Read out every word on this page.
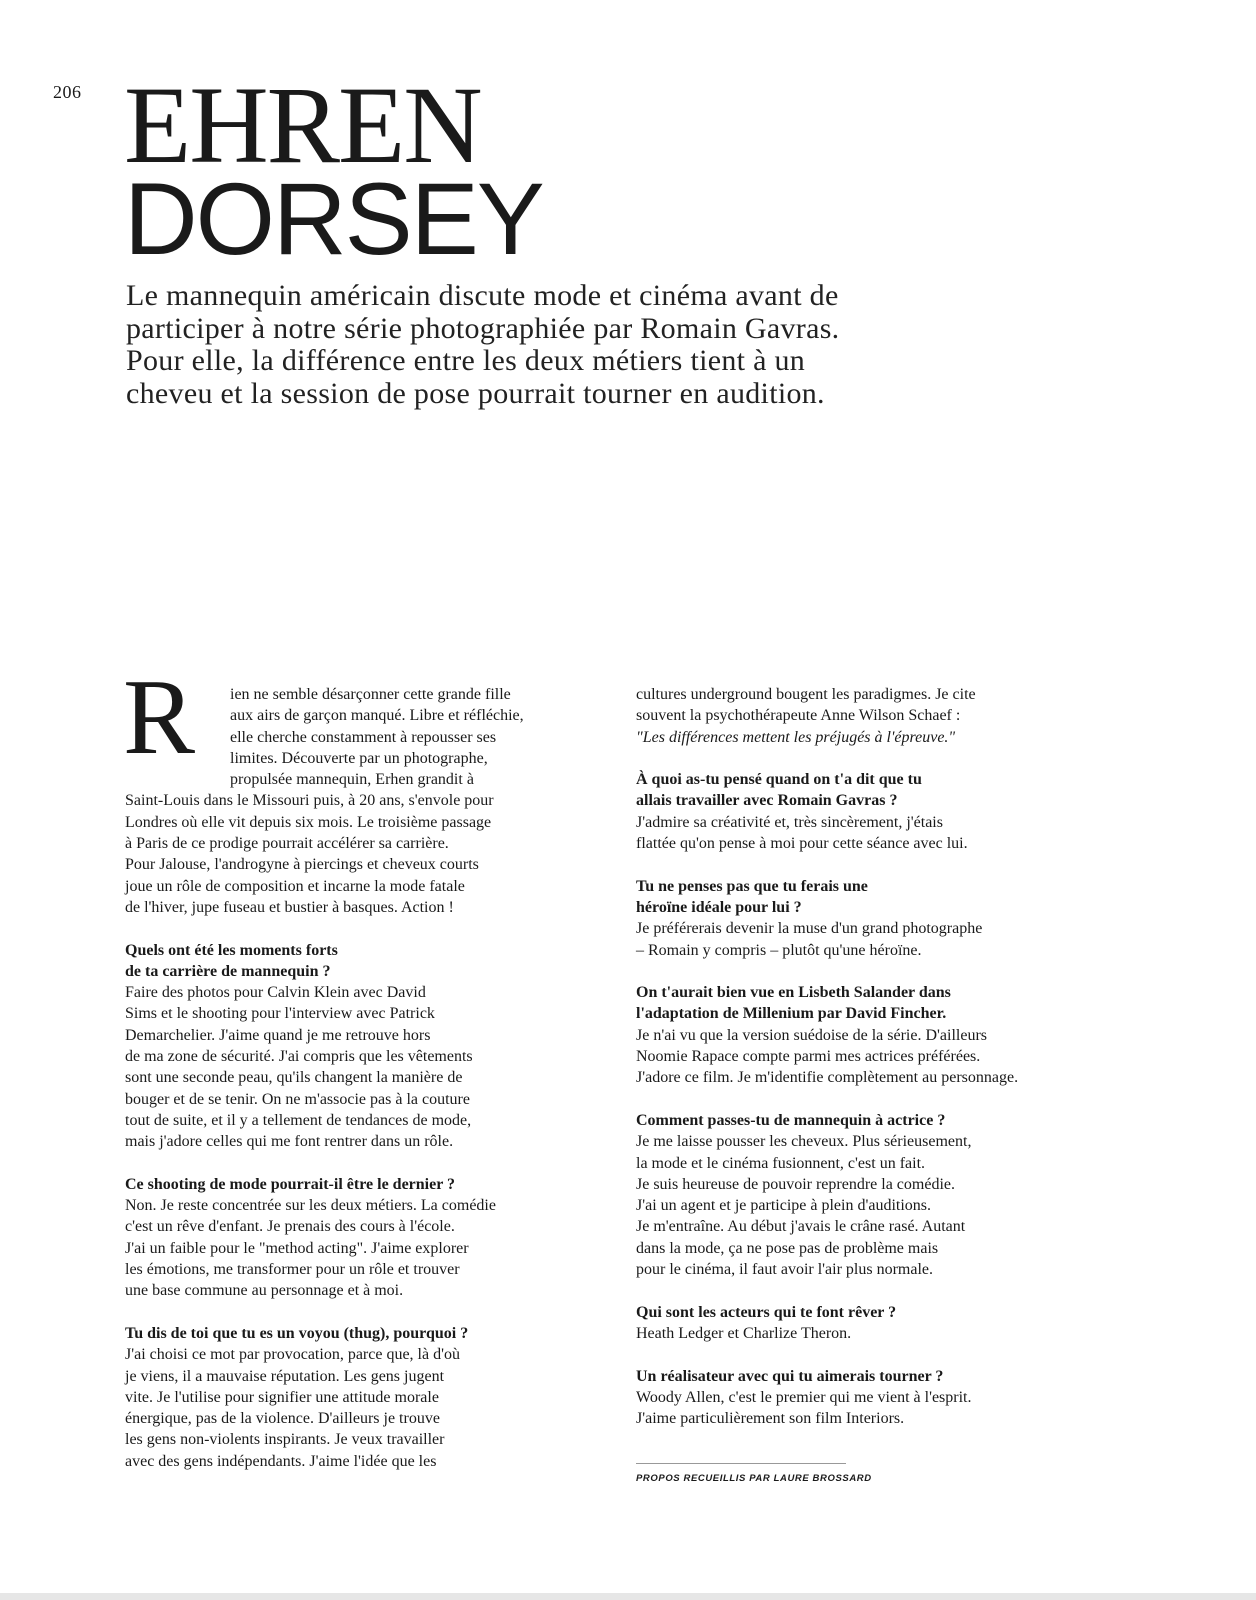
206 EHREN
DORSEY
Le mannequin américain discute mode et cinéma avant de
participer à notre série photographiée par Romain Gavras.
Pour elle, la différence entre les deux métiers tient à un
cheveu et la session de pose pourrait tourner en audition.
R ien ne semble désarçonner cette grande fille
aux airs de garçon manqué. Libre et réfléchie,
elle cherche constamment à repousser ses
limites. Découverte par un photographe,
propulsée mannequin, Erhen grandit à
Saint-Louis dans le Missouri puis, à 20 ans, s'envole pour
Londres où elle vit depuis six mois. Le troisième passage
à Paris de ce prodige pourrait accélérer sa carrière.
Pour Jalouse, l'androgyne à piercings et cheveux courts
joue un rôle de composition et incarne la mode fatale
de l'hiver, jupe fuseau et bustier à basques. Action !
Quels ont été les moments forts
de ta carrière de mannequin ?
Faire des photos pour Calvin Klein avec David
Sims et le shooting pour l'interview avec Patrick
Demarchelier. J'aime quand je me retrouve hors
de ma zone de sécurité. J'ai compris que les vêtements
sont une seconde peau, qu'ils changent la manière de
bouger et de se tenir. On ne m'associe pas à la couture
tout de suite, et il y a tellement de tendances de mode,
mais j'adore celles qui me font rentrer dans un rôle.
Ce shooting de mode pourrait-il être le dernier ?
Non. Je reste concentrée sur les deux métiers. La comédie
c'est un rêve d'enfant. Je prenais des cours à l'école.
J'ai un faible pour le "method acting". J'aime explorer
les émotions, me transformer pour un rôle et trouver
une base commune au personnage et à moi.
Tu dis de toi que tu es un voyou (thug), pourquoi ?
J'ai choisi ce mot par provocation, parce que, là d'où
je viens, il a mauvaise réputation. Les gens jugent
vite. Je l'utilise pour signifier une attitude morale
énergique, pas de la violence. D'ailleurs je trouve
les gens non-violents inspirants. Je veux travailler
avec des gens indépendants. J'aime l'idée que les
cultures underground bougent les paradigmes. Je cite
souvent la psychothérapeute Anne Wilson Schaef :
"Les différences mettent les préjugés à l'épreuve."
À quoi as-tu pensé quand on t'a dit que tu
allais travailler avec Romain Gavras ?
J'admire sa créativité et, très sincèrement, j'étais
flattée qu'on pense à moi pour cette séance avec lui.
Tu ne penses pas que tu ferais une
héroïne idéale pour lui ?
Je préférerais devenir la muse d'un grand photographe
– Romain y compris – plutôt qu'une héroïne.
On t'aurait bien vue en Lisbeth Salander dans
l'adaptation de Millenium par David Fincher.
Je n'ai vu que la version suédoise de la série. D'ailleurs
Noomie Rapace compte parmi mes actrices préférées.
J'adore ce film. Je m'identifie complètement au personnage.
Comment passes-tu de mannequin à actrice ?
Je me laisse pousser les cheveux. Plus sérieusement,
la mode et le cinéma fusionnent, c'est un fait.
Je suis heureuse de pouvoir reprendre la comédie.
J'ai un agent et je participe à plein d'auditions.
Je m'entraîne. Au début j'avais le crâne rasé. Autant
dans la mode, ça ne pose pas de problème mais
pour le cinéma, il faut avoir l'air plus normale.
Qui sont les acteurs qui te font rêver ?
Heath Ledger et Charlize Theron.
Un réalisateur avec qui tu aimerais tourner ?
Woody Allen, c'est le premier qui me vient à l'esprit.
J'aime particulièrement son film Interiors.
PROPOS RECUEILLIS PAR LAURE BROSSARD
